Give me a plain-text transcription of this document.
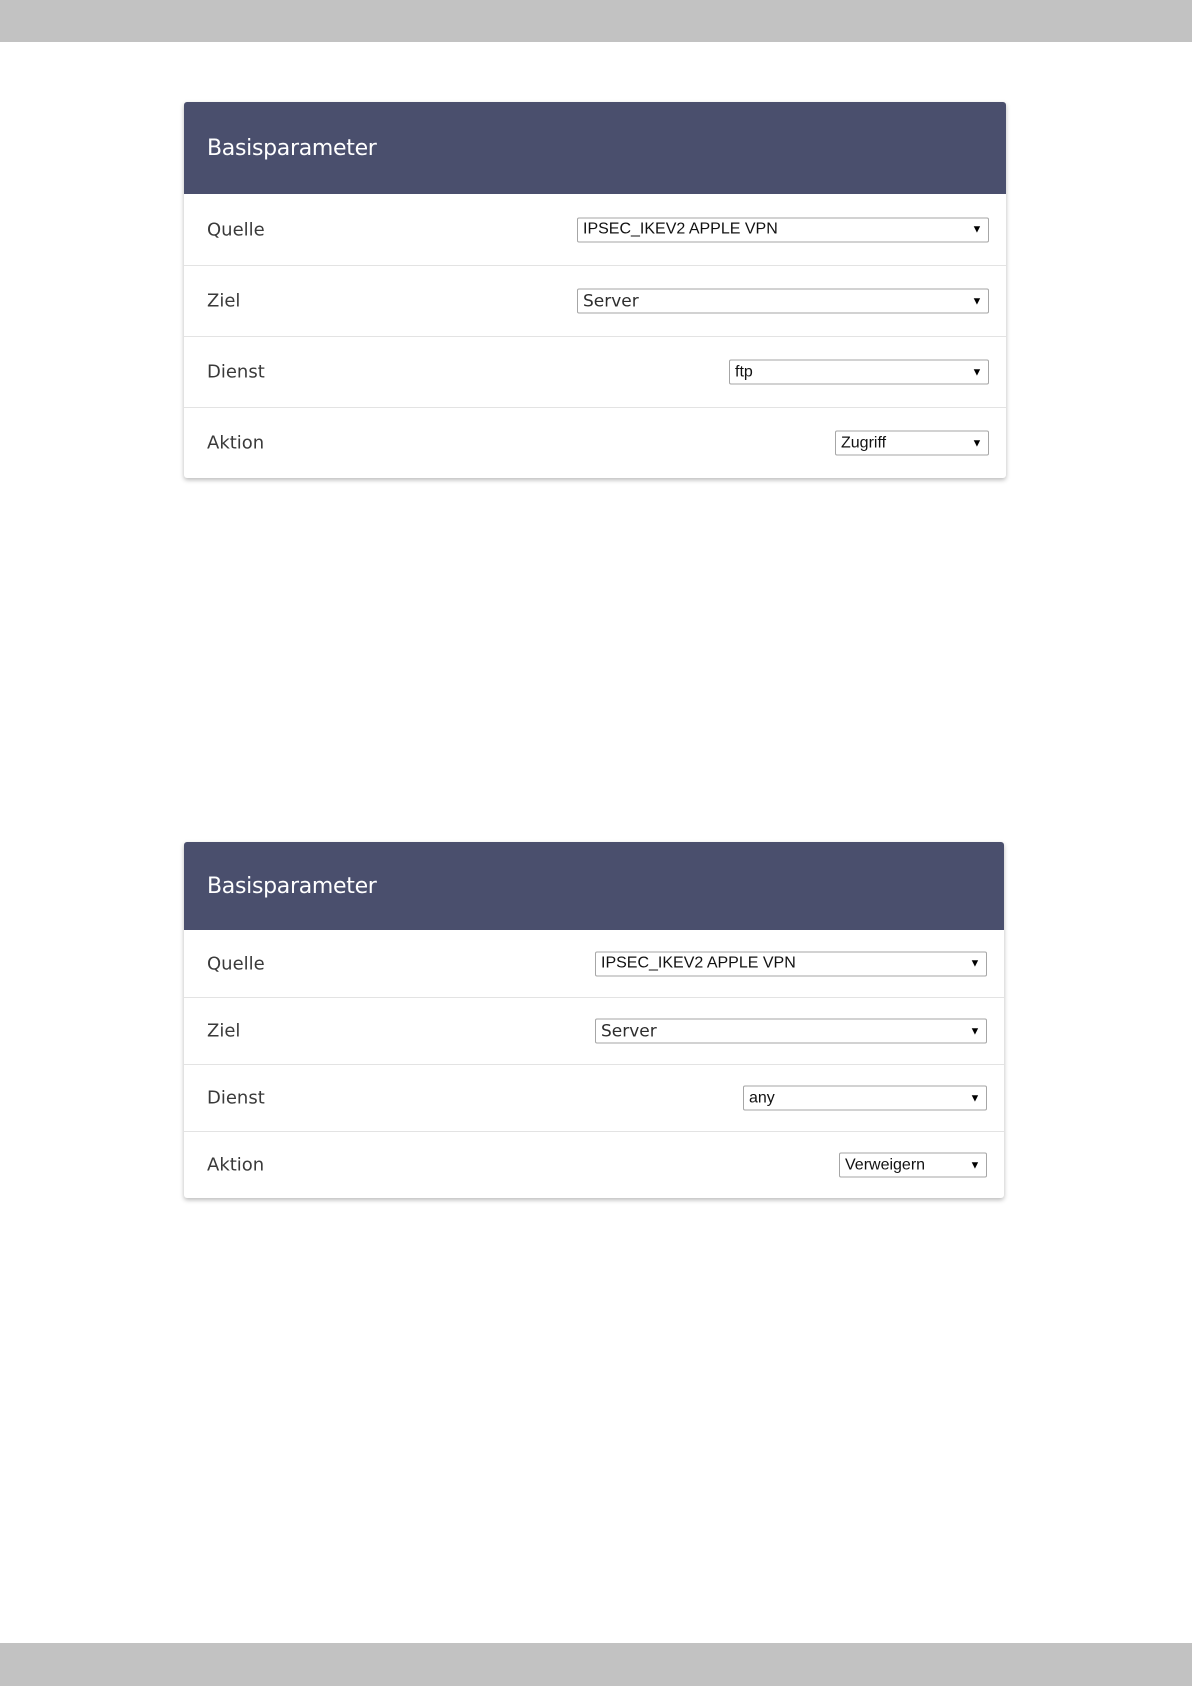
Basisparameter
Quelle	IPSEC_IKEV2 APPLE VPN	▼
Ziel	Server	▼
Dienst	ftp	▼
Aktion	Zugriff	▼
Basisparameter
Quelle	IPSEC_IKEV2 APPLE VPN	▼
Ziel	Server	▼
Dienst	any	▼
Aktion	Verweigern	▼
